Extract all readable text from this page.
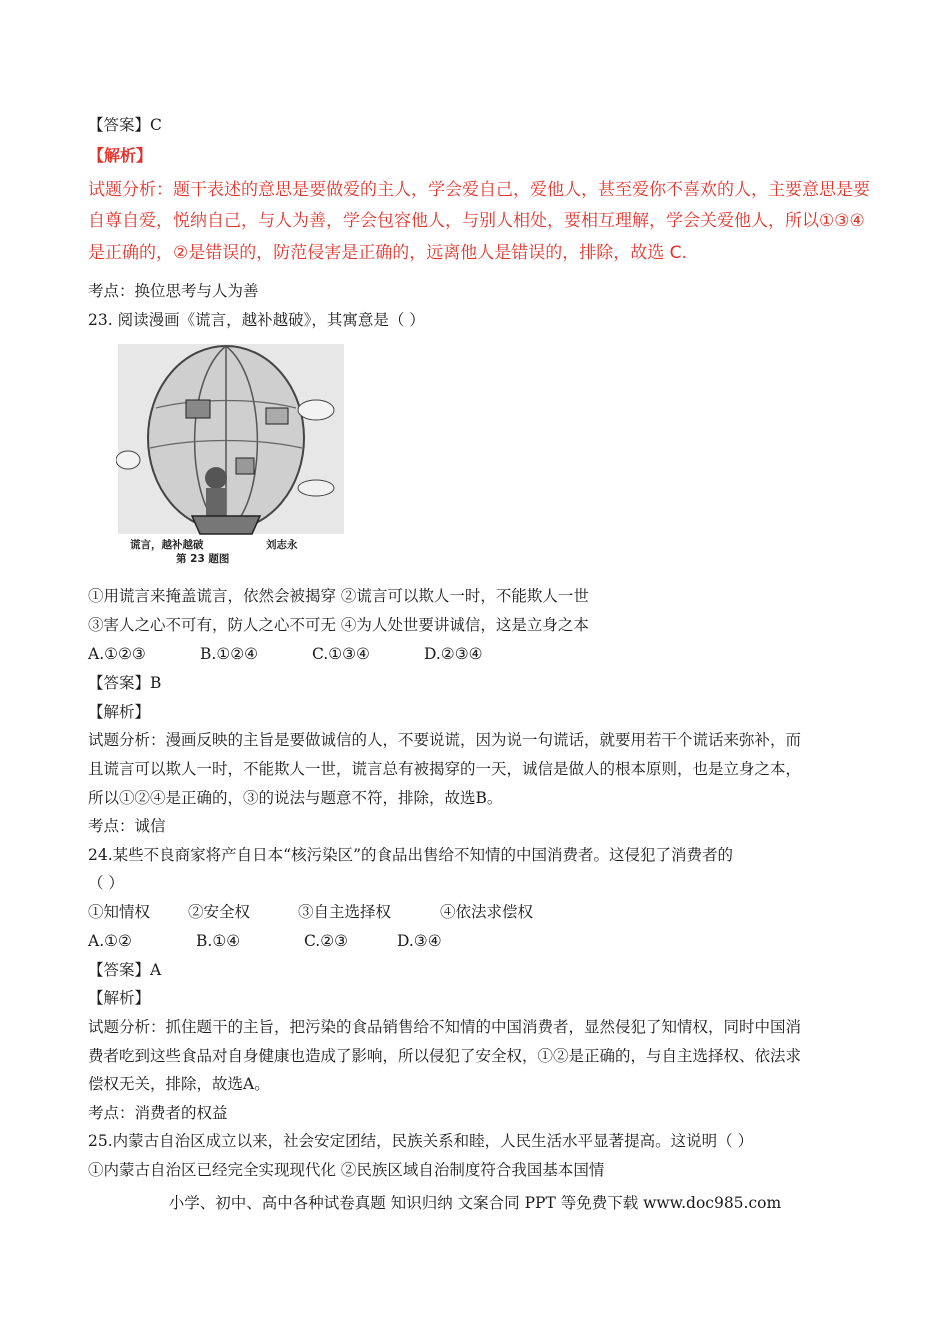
【答案】C
【解析】
试题分析：题干表述的意思是要做爱的主人，学会爱自己，爱他人，甚至爱你不喜欢的人，主要意思是要
自尊自爱，悦纳自己，与人为善，学会包容他人，与别人相处，要相互理解，学会关爱他人，所以①③④
是正确的，②是错误的，防范侵害是正确的，远离他人是错误的，排除，故选 C.
考点：换位思考与人为善
23. 阅读漫画《谎言，越补越破》，其寓意是（ ）
谎言，越补越破	刘志永
第 23 题图
①用谎言来掩盖谎言，依然会被揭穿 ②谎言可以欺人一时，不能欺人一世
③害人之心不可有，防人之心不可无 ④为人处世要讲诚信，这是立身之本
A.①②③	B.①②④	C.①③④	D.②③④
【答案】B
【解析】
试题分析：漫画反映的主旨是要做诚信的人，不要说谎，因为说一句谎话，就要用若干个谎话来弥补，而
且谎言可以欺人一时，不能欺人一世，谎言总有被揭穿的一天，诚信是做人的根本原则，也是立身之本，
所以①②④是正确的，③的说法与题意不符，排除，故选B。
考点：诚信
24.某些不良商家将产自日本“核污染区”的食品出售给不知情的中国消费者。这侵犯了消费者的
（ ）
①知情权 ②安全权	③自主选择权	④依法求偿权
A.①②	B.①④	C.②③	D.③④
【答案】A
【解析】
试题分析：抓住题干的主旨，把污染的食品销售给不知情的中国消费者，显然侵犯了知情权，同时中国消
费者吃到这些食品对自身健康也造成了影响，所以侵犯了安全权，①②是正确的，与自主选择权、依法求
偿权无关，排除，故选A。
考点：消费者的权益
25.内蒙古自治区成立以来，社会安定团结，民族关系和睦，人民生活水平显著提高。这说明（ ）
①内蒙古自治区已经完全实现现代化 ②民族区域自治制度符合我国基本国情
小学、初中、高中各种试卷真题 知识归纳 文案合同 PPT 等免费下载 www.doc985.com
